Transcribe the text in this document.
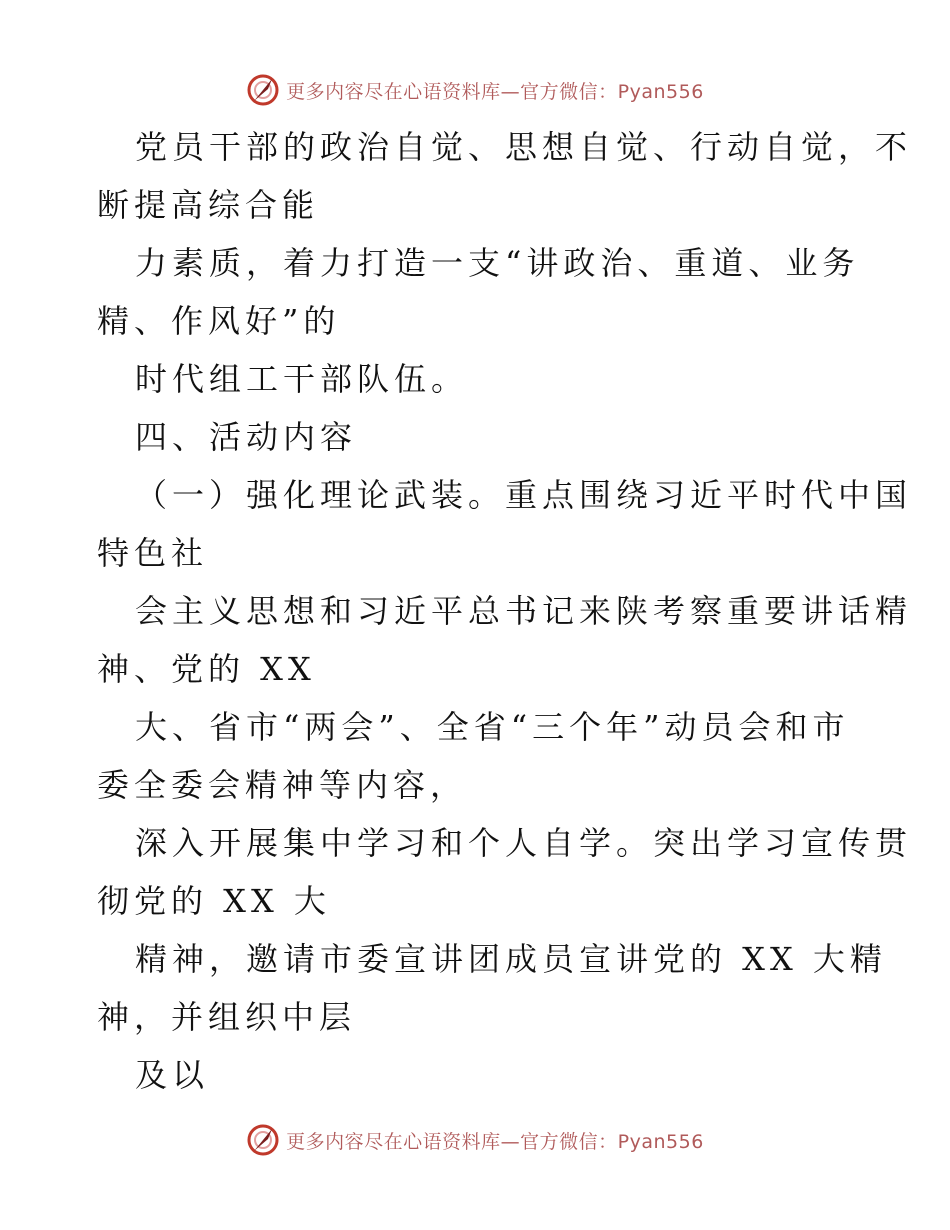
更多内容尽在心语资料库—官方微信：Pyan556
党员干部的政治自觉、思想自觉、行动自觉，不
断提高综合能
力素质，着力打造一支“讲政治、重道、业务
精、作风好”的
时代组工干部队伍。
四、活动内容
（一）强化理论武装。重点围绕习近平时代中国
特色社
会主义思想和习近平总书记来陕考察重要讲话精
神、党的 XX
大、省市“两会”、全省“三个年”动员会和市
委全委会精神等内容，
深入开展集中学习和个人自学。突出学习宣传贯
彻党的 XX 大
精神，邀请市委宣讲团成员宣讲党的 XX 大精
神，并组织中层
及以
更多内容尽在心语资料库—官方微信：Pyan556
